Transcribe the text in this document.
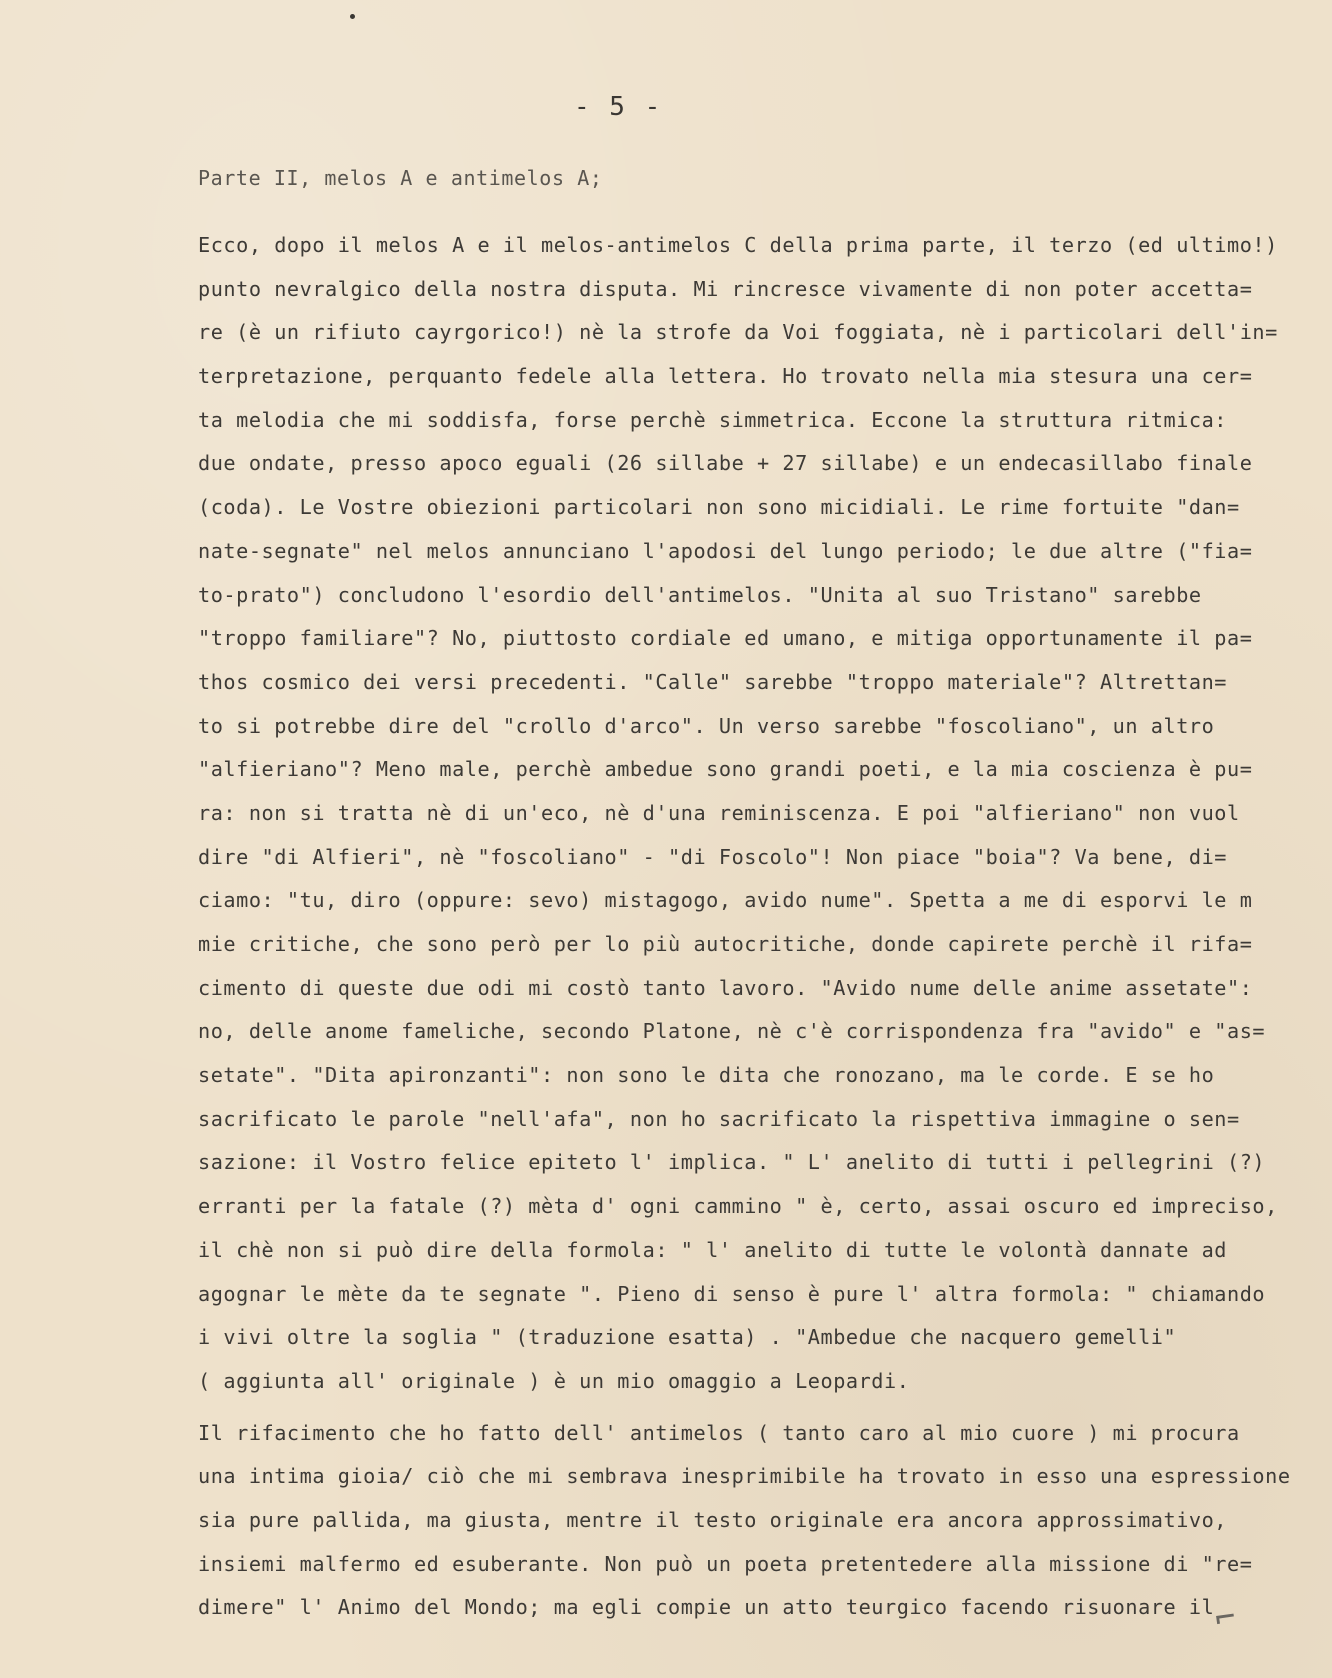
- 5 -
Parte II, melos A e antimelos A;
Ecco, dopo il melos A e il melos-antimelos C della prima parte, il terzo (ed ultimo!)
punto nevralgico della nostra disputa. Mi rincresce vivamente di non poter accetta=
re (è un rifiuto cayrgorico!) nè la strofe da Voi foggiata, nè i particolari dell'in=
terpretazione, perquanto fedele alla lettera. Ho trovato nella mia stesura una cer=
ta melodia che mi soddisfa, forse perchè simmetrica. Eccone la struttura ritmica:
due ondate, presso apoco eguali (26 sillabe + 27 sillabe) e un endecasillabo finale
(coda). Le Vostre obiezioni particolari non sono micidiali. Le rime fortuite "dan=
nate-segnate" nel melos annunciano l'apodosi del lungo periodo; le due altre ("fia=
to-prato") concludono l'esordio dell'antimelos. "Unita al suo Tristano" sarebbe
"troppo familiare"? No, piuttosto cordiale ed umano, e mitiga opportunamente il pa=
thos cosmico dei versi precedenti. "Calle" sarebbe "troppo materiale"? Altrettan=
to si potrebbe dire del "crollo d'arco". Un verso sarebbe "foscoliano", un altro
"alfieriano"? Meno male, perchè ambedue sono grandi poeti, e la mia coscienza è pu=
ra: non si tratta nè di un'eco, nè d'una reminiscenza. E poi "alfieriano" non vuol
dire "di Alfieri", nè "foscoliano" - "di Foscolo"! Non piace "boia"? Va bene, di=
ciamo: "tu, diro (oppure: sevo) mistagogo, avido nume". Spetta a me di esporvi le m
mie critiche, che sono però per lo più autocritiche, donde capirete perchè il rifa=
cimento di queste due odi mi costò tanto lavoro. "Avido nume delle anime assetate":
no, delle anome fameliche, secondo Platone, nè c'è corrispondenza fra "avido" e "as=
setate". "Dita apironzanti": non sono le dita che ronozano, ma le corde. E se ho
sacrificato le parole "nell'afa", non ho sacrificato la rispettiva immagine o sen=
sazione: il Vostro felice epiteto l' implica. " L' anelito di tutti i pellegrini (?)
erranti per la fatale (?) mèta d' ogni cammino " è, certo, assai oscuro ed impreciso,
il chè non si può dire della formola: " l' anelito di tutte le volontà dannate ad
agognar le mète da te segnate ". Pieno di senso è pure l' altra formola: " chiamando
i vivi oltre la soglia " (traduzione esatta) . "Ambedue che nacquero gemelli"
( aggiunta all' originale ) è un mio omaggio a Leopardi.
Il rifacimento che ho fatto dell' antimelos ( tanto caro al mio cuore ) mi procura
una intima gioia/ ciò che mi sembrava inesprimibile ha trovato in esso una espressione
sia pure pallida, ma giusta, mentre il testo originale era ancora approssimativo,
insiemi malfermo ed esuberante. Non può un poeta pretentedere alla missione di "re=
dimere" l' Animo del Mondo; ma egli compie un atto teurgico facendo risuonare il
⌐
